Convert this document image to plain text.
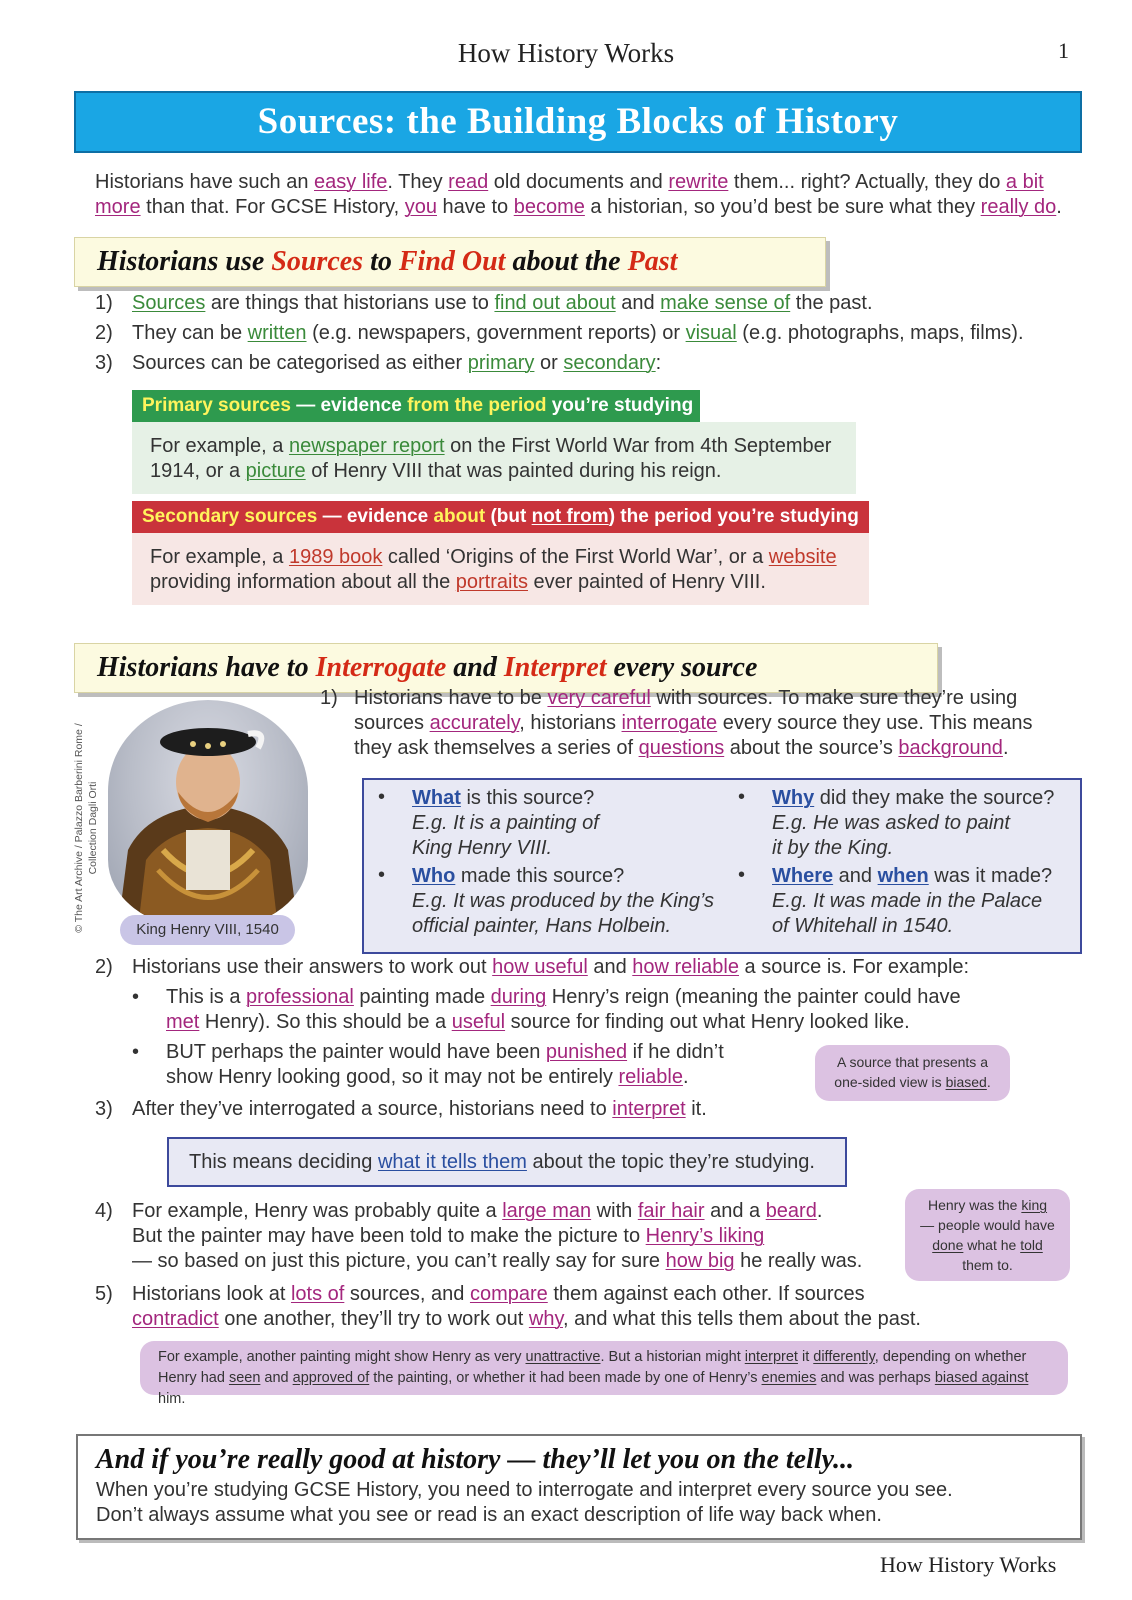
How History Works	1
Sources: the Building Blocks of History
Historians have such an easy life. They read old documents and rewrite them... right? Actually, they do a bit
more than that. For GCSE History, you have to become a historian, so you’d best be sure what they really do.
Historians use Sources to Find Out about the Past
1) Sources are things that historians use to find out about and make sense of the past.
2) They can be written (e.g. newspapers, government reports) or visual (e.g. photographs, maps, films).
3) Sources can be categorised as either primary or secondary:
Primary sources — evidence from the period you’re studying
For example, a newspaper report on the First World War from 4th September 1914, or a picture of Henry VIII that was painted during his reign.
Secondary sources — evidence about (but not from) the period you’re studying
For example, a 1989 book called ‘Origins of the First World War’, or a website providing information about all the portraits ever painted of Henry VIII.
Historians have to Interrogate and Interpret every source
King Henry VIII, 1540
© The Art Archive / Palazzo Barberini Rome / Collection Dagli Orti
1) Historians have to be very careful with sources. To make sure they’re using sources accurately, historians interrogate every source they use. This means they ask themselves a series of questions about the source’s background.
• What is this source?
E.g. It is a painting of
King Henry VIII.
• Why did they make the source?
E.g. He was asked to paint
it by the King.
• Who made this source?
E.g. It was produced by the King’s
official painter, Hans Holbein.
• Where and when was it made?
E.g. It was made in the Palace
of Whitehall in 1540.
2) Historians use their answers to work out how useful and how reliable a source is. For example:
• This is a professional painting made during Henry’s reign (meaning the painter could have met Henry). So this should be a useful source for finding out what Henry looked like.
• BUT perhaps the painter would have been punished if he didn’t show Henry looking good, so it may not be entirely reliable.
A source that presents a
one-sided view is biased.
3) After they’ve interrogated a source, historians need to interpret it.
This means deciding what it tells them about the topic they’re studying.
4) For example, Henry was probably quite a large man with fair hair and a beard.
But the painter may have been told to make the picture to Henry’s liking
— so based on just this picture, you can’t really say for sure how big he really was.
Henry was the king
— people would have
done what he told
them to.
5) Historians look at lots of sources, and compare them against each other. If sources contradict one another, they’ll try to work out why, and what this tells them about the past.
For example, another painting might show Henry as very unattractive. But a historian might interpret it differently, depending on whether Henry had seen and approved of the painting, or whether it had been made by one of Henry’s enemies and was perhaps biased against him.
And if you’re really good at history — they’ll let you on the telly...
When you’re studying GCSE History, you need to interrogate and interpret every source you see.
Don’t always assume what you see or read is an exact description of life way back when.
How History Works
